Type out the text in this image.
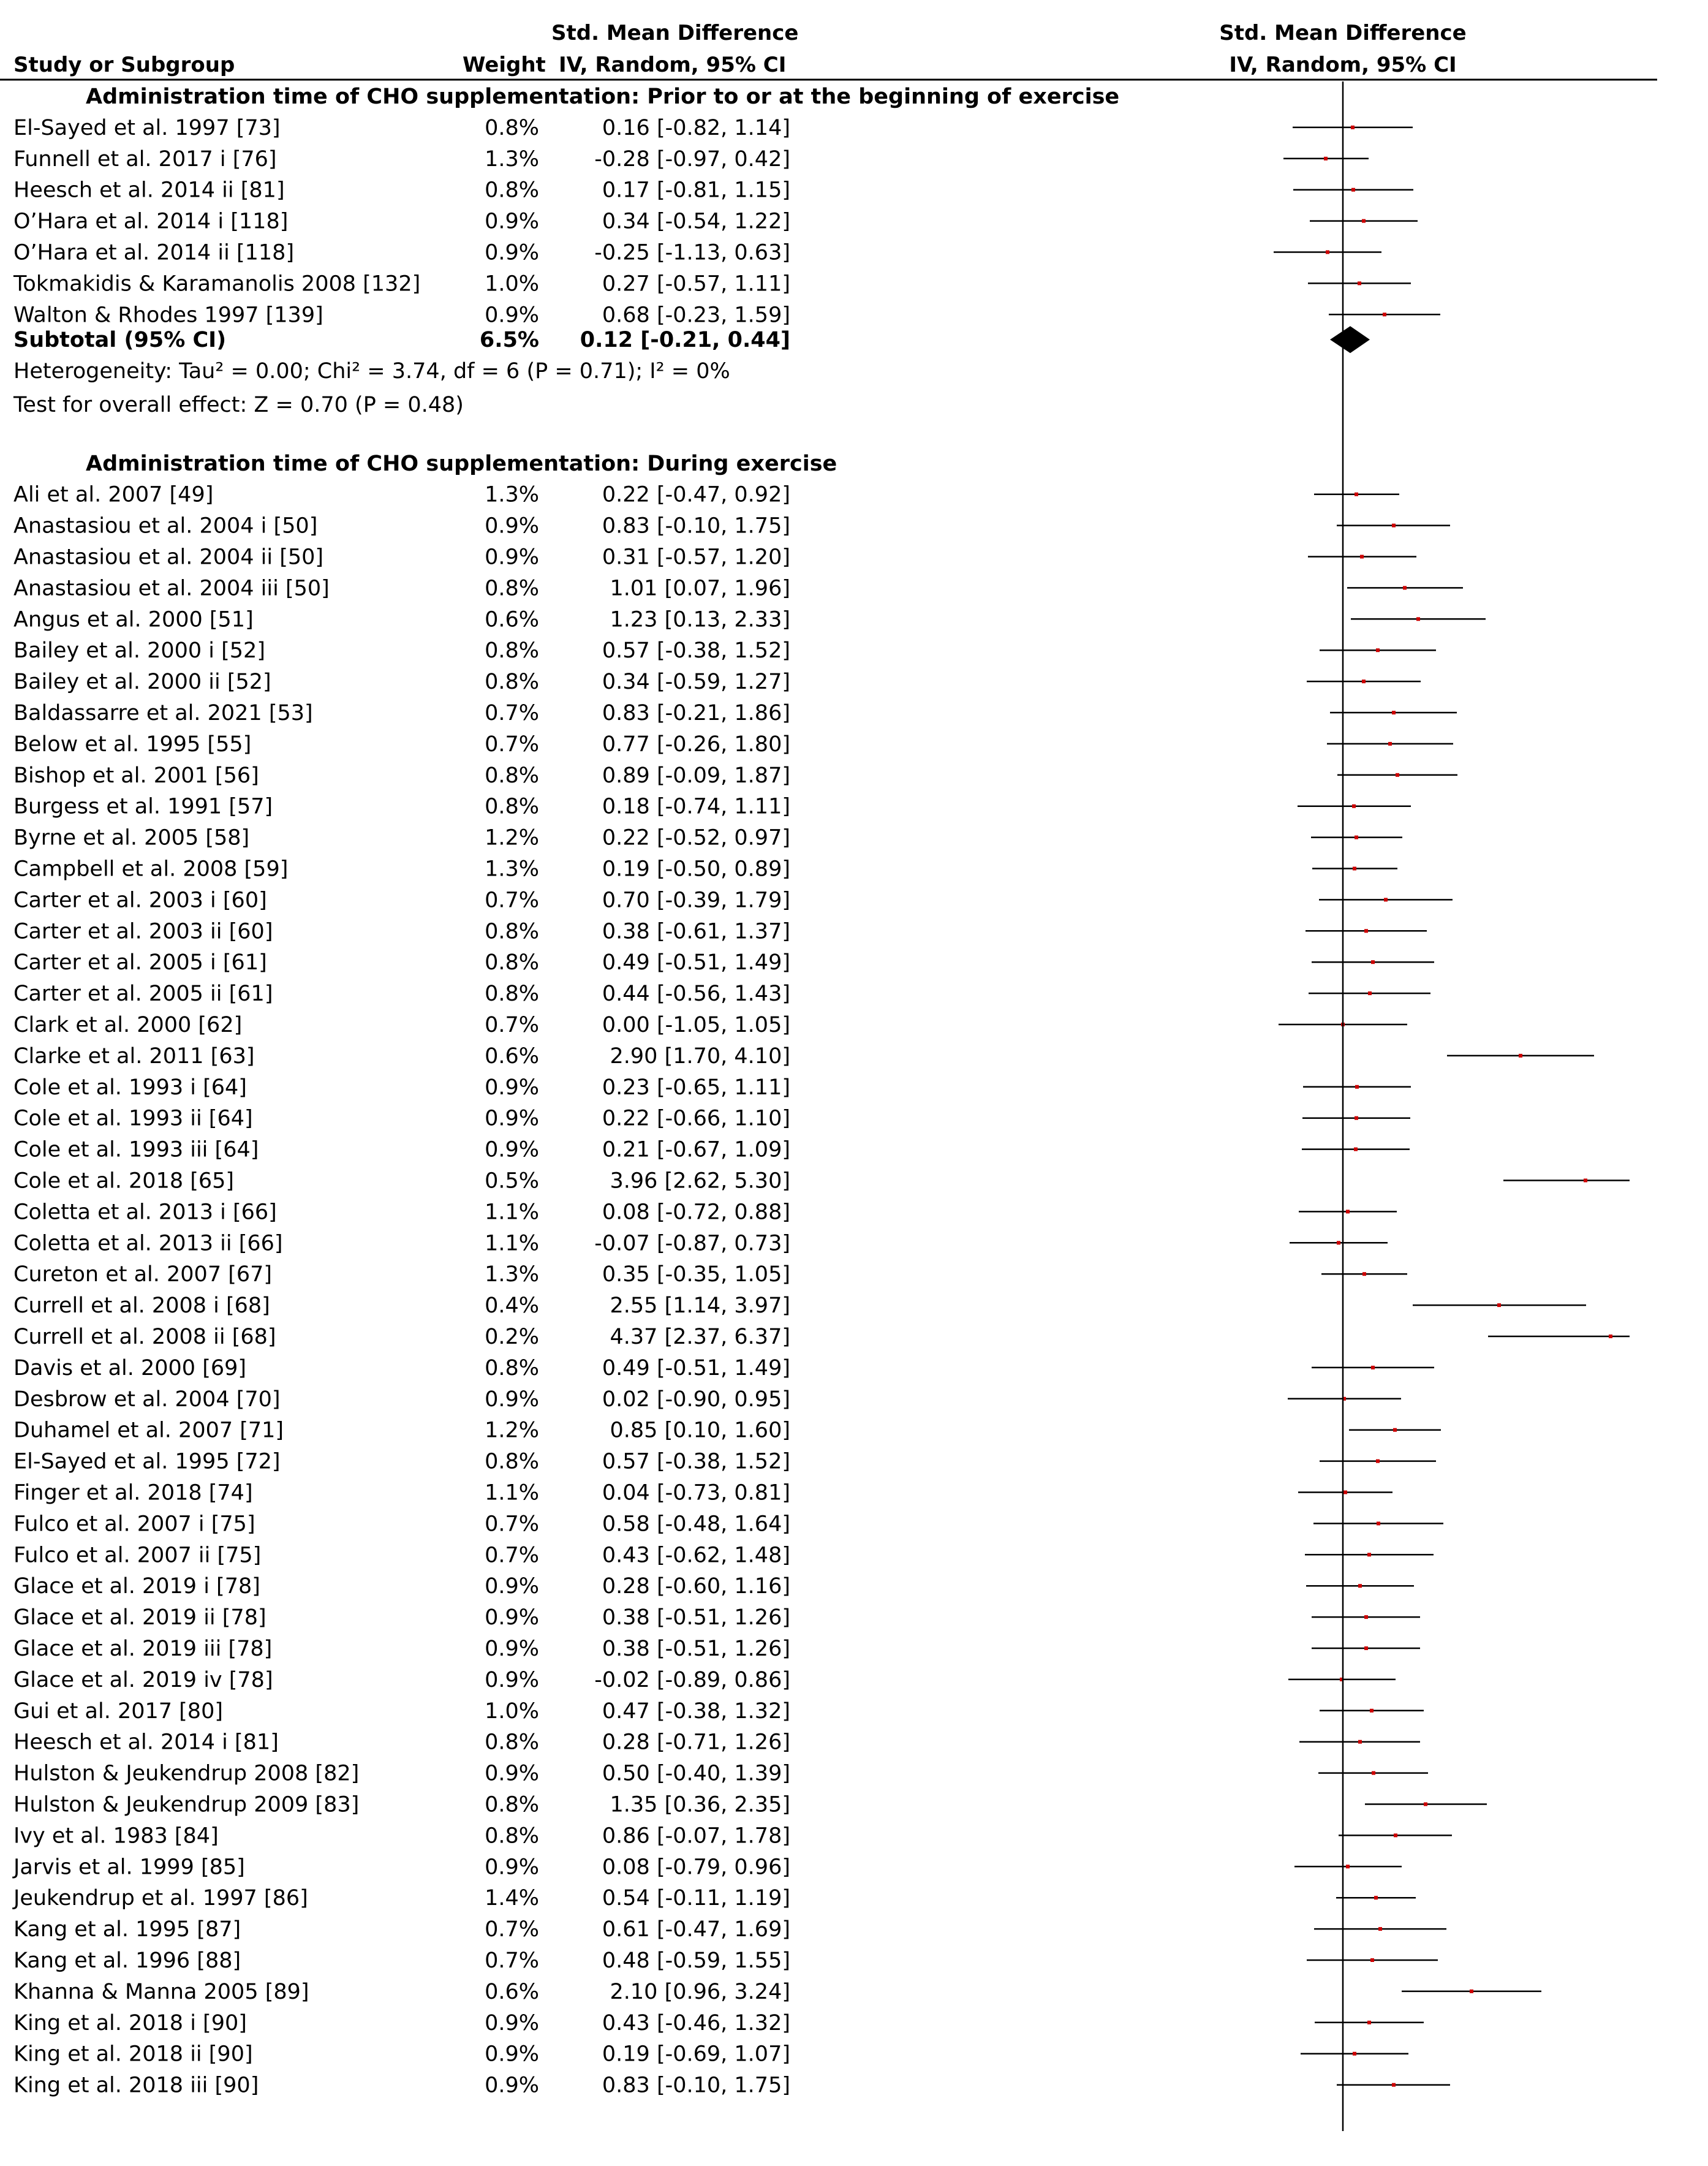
Std. Mean Difference
Study or Subgroup	Weight IV, Random, 95% CI
Std. Mean Difference
IV, Random, 95% CI
Administration time of CHO supplementation: Prior to or at the beginning of exercise
El-Sayed et al. 1997 [73]	0.8%	0.16 [-0.82, 1.14]
Funnell et al. 2017 i [76]	1.3%	-0.28 [-0.97, 0.42]
Heesch et al. 2014 ii [81]	0.8%	0.17 [-0.81, 1.15]
O’Hara et al. 2014 i [118]	0.9%	0.34 [-0.54, 1.22]
O’Hara et al. 2014 ii [118]	0.9%	-0.25 [-1.13, 0.63]
Tokmakidis & Karamanolis 2008 [132]	1.0%	0.27 [-0.57, 1.11]
Walton & Rhodes 1997 [139]	0.9%	0.68 [-0.23, 1.59]
Subtotal (95% CI)	6.5% 0.12 [-0.21, 0.44]
Heterogeneity: Tau² = 0.00; Chi² = 3.74, df = 6 (P = 0.71); I² = 0%
Test for overall effect: Z = 0.70 (P = 0.48)
Administration time of CHO supplementation: During exercise
Ali et al. 2007 [49]	1.3%	0.22 [-0.47, 0.92]
Anastasiou et al. 2004 i [50]	0.9%	0.83 [-0.10, 1.75]
Anastasiou et al. 2004 ii [50]	0.9%	0.31 [-0.57, 1.20]
Anastasiou et al. 2004 iii [50]	0.8%	1.01 [0.07, 1.96]
Angus et al. 2000 [51]	0.6%	1.23 [0.13, 2.33]
Bailey et al. 2000 i [52]	0.8%	0.57 [-0.38, 1.52]
Bailey et al. 2000 ii [52]	0.8%	0.34 [-0.59, 1.27]
Baldassarre et al. 2021 [53]	0.7%	0.83 [-0.21, 1.86]
Below et al. 1995 [55]	0.7%	0.77 [-0.26, 1.80]
Bishop et al. 2001 [56]	0.8%	0.89 [-0.09, 1.87]
Burgess et al. 1991 [57]	0.8%	0.18 [-0.74, 1.11]
Byrne et al. 2005 [58]	1.2%	0.22 [-0.52, 0.97]
Campbell et al. 2008 [59]	1.3%	0.19 [-0.50, 0.89]
Carter et al. 2003 i [60]	0.7%	0.70 [-0.39, 1.79]
Carter et al. 2003 ii [60]	0.8%	0.38 [-0.61, 1.37]
Carter et al. 2005 i [61]	0.8%	0.49 [-0.51, 1.49]
Carter et al. 2005 ii [61]	0.8%	0.44 [-0.56, 1.43]
Clark et al. 2000 [62]	0.7%	0.00 [-1.05, 1.05]
Clarke et al. 2011 [63]	0.6%	2.90 [1.70, 4.10]
Cole et al. 1993 i [64]	0.9%	0.23 [-0.65, 1.11]
Cole et al. 1993 ii [64]	0.9%	0.22 [-0.66, 1.10]
Cole et al. 1993 iii [64]	0.9%	0.21 [-0.67, 1.09]
Cole et al. 2018 [65]	0.5%	3.96 [2.62, 5.30]
Coletta et al. 2013 i [66]	1.1%	0.08 [-0.72, 0.88]
Coletta et al. 2013 ii [66]	1.1%	-0.07 [-0.87, 0.73]
Cureton et al. 2007 [67]	1.3%	0.35 [-0.35, 1.05]
Currell et al. 2008 i [68]	0.4%	2.55 [1.14, 3.97]
Currell et al. 2008 ii [68]	0.2%	4.37 [2.37, 6.37]
Davis et al. 2000 [69]	0.8%	0.49 [-0.51, 1.49]
Desbrow et al. 2004 [70]	0.9%	0.02 [-0.90, 0.95]
Duhamel et al. 2007 [71]	1.2%	0.85 [0.10, 1.60]
El-Sayed et al. 1995 [72]	0.8%	0.57 [-0.38, 1.52]
Finger et al. 2018 [74]	1.1%	0.04 [-0.73, 0.81]
Fulco et al. 2007 i [75]	0.7%	0.58 [-0.48, 1.64]
Fulco et al. 2007 ii [75]	0.7%	0.43 [-0.62, 1.48]
Glace et al. 2019 i [78]	0.9%	0.28 [-0.60, 1.16]
Glace et al. 2019 ii [78]	0.9%	0.38 [-0.51, 1.26]
Glace et al. 2019 iii [78]	0.9%	0.38 [-0.51, 1.26]
Glace et al. 2019 iv [78]	0.9%	-0.02 [-0.89, 0.86]
Gui et al. 2017 [80]	1.0%	0.47 [-0.38, 1.32]
Heesch et al. 2014 i [81]	0.8%	0.28 [-0.71, 1.26]
Hulston & Jeukendrup 2008 [82]	0.9%	0.50 [-0.40, 1.39]
Hulston & Jeukendrup 2009 [83]	0.8%	1.35 [0.36, 2.35]
Ivy et al. 1983 [84]	0.8%	0.86 [-0.07, 1.78]
Jarvis et al. 1999 [85]	0.9%	0.08 [-0.79, 0.96]
Jeukendrup et al. 1997 [86]	1.4%	0.54 [-0.11, 1.19]
Kang et al. 1995 [87]	0.7%	0.61 [-0.47, 1.69]
Kang et al. 1996 [88]	0.7%	0.48 [-0.59, 1.55]
Khanna & Manna 2005 [89]	0.6%	2.10 [0.96, 3.24]
King et al. 2018 i [90]	0.9%	0.43 [-0.46, 1.32]
King et al. 2018 ii [90]	0.9%	0.19 [-0.69, 1.07]
King et al. 2018 iii [90]	0.9%	0.83 [-0.10, 1.75]
